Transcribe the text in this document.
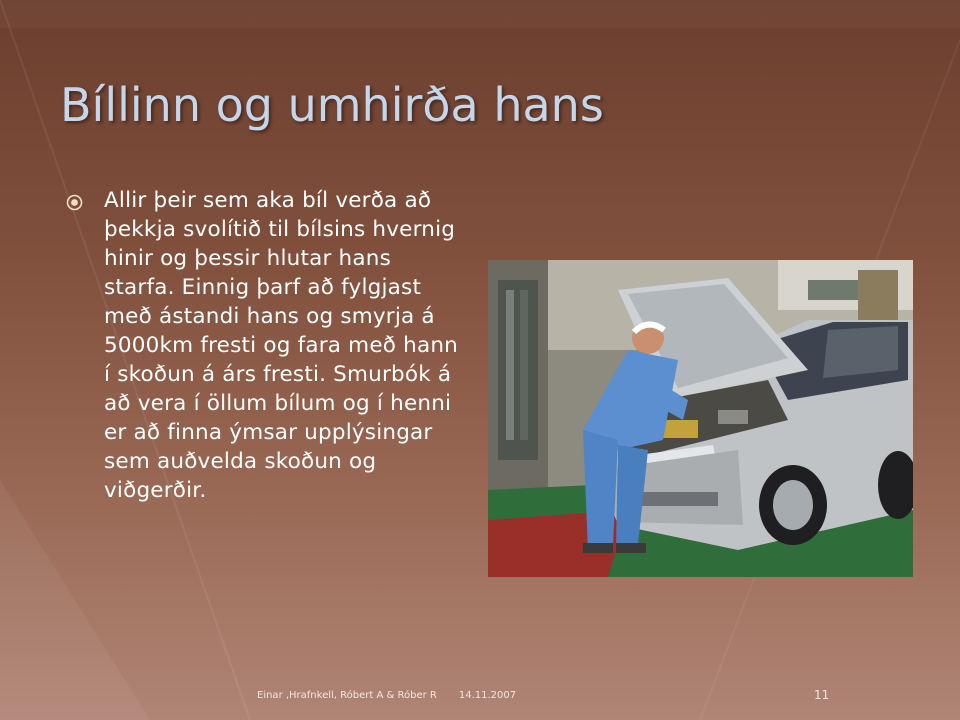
Bíllinn og umhirða hans

Allir þeir sem aka bíl verða að þekkja svolítið til bílsins hvernig hinir og þessir hlutar hans starfa. Einnig þarf að fylgjast með ástandi hans og smyrja á 5000km fresti og fara með hann í skoðun á árs fresti. Smurbók á að vera í öllum bílum og í henni er að finna ýmsar upplýsingar sem auðvelda skoðun og viðgerðir.

Einar ,Hrafnkell, Róbert A & Róber R 14.11.2007	11
